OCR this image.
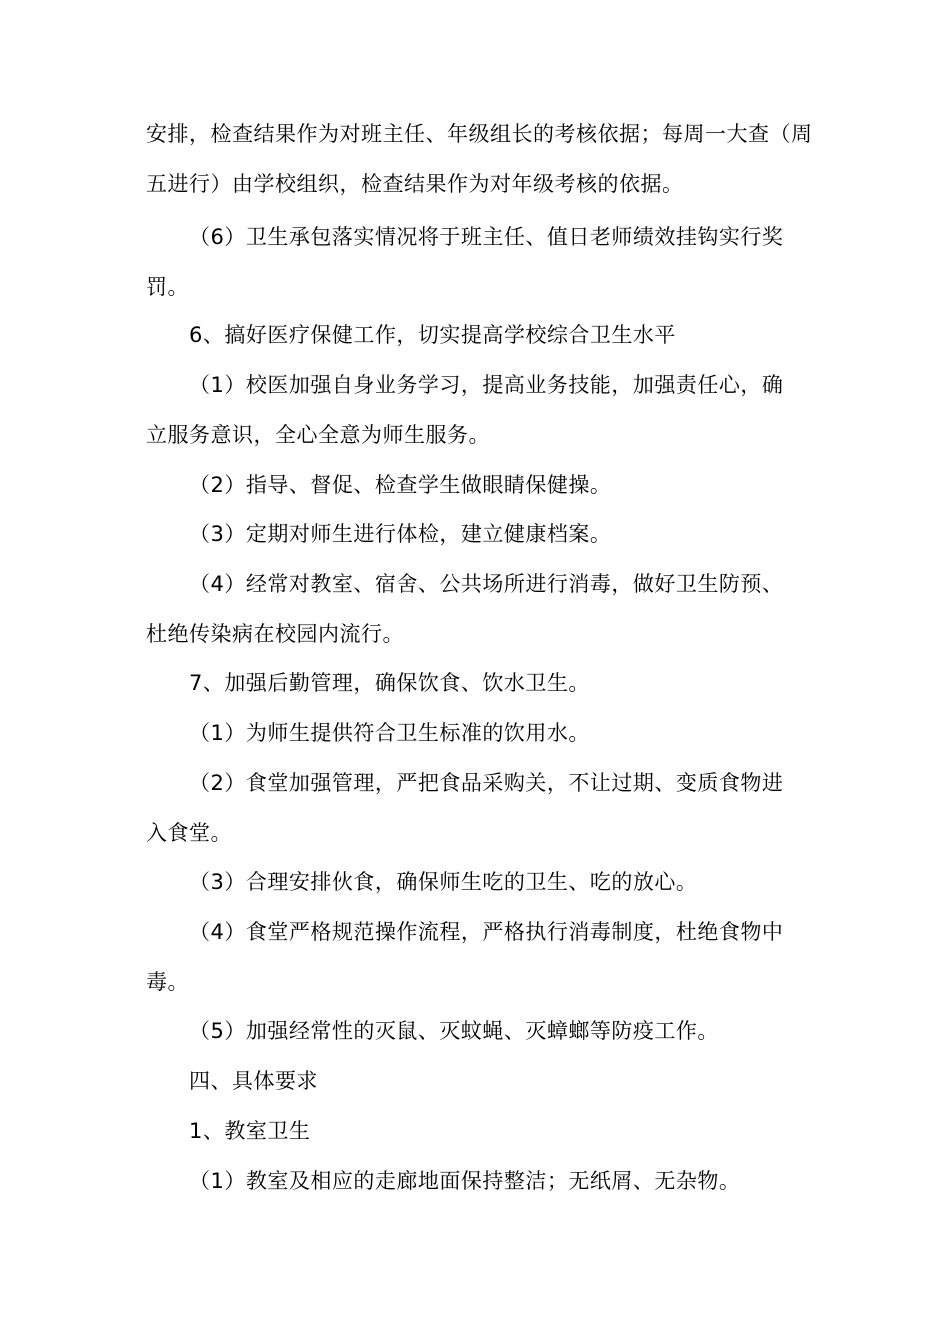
安排，检查结果作为对班主任、年级组长的考核依据；每周一大查（周
五进行）由学校组织，检查结果作为对年级考核的依据。
（6）卫生承包落实情况将于班主任、值日老师绩效挂钩实行奖
罚。
6、搞好医疗保健工作，切实提高学校综合卫生水平
（1）校医加强自身业务学习，提高业务技能，加强责任心，确
立服务意识，全心全意为师生服务。
（2）指导、督促、检查学生做眼睛保健操。
（3）定期对师生进行体检，建立健康档案。
（4）经常对教室、宿舍、公共场所进行消毒，做好卫生防预、
杜绝传染病在校园内流行。
7、加强后勤管理，确保饮食、饮水卫生。
（1）为师生提供符合卫生标准的饮用水。
（2）食堂加强管理，严把食品采购关，不让过期、变质食物进
入食堂。
（3）合理安排伙食，确保师生吃的卫生、吃的放心。
（4）食堂严格规范操作流程，严格执行消毒制度，杜绝食物中
毒。
（5）加强经常性的灭鼠、灭蚊蝇、灭蟑螂等防疫工作。
四、具体要求
1、教室卫生
（1）教室及相应的走廊地面保持整洁；无纸屑、无杂物。
